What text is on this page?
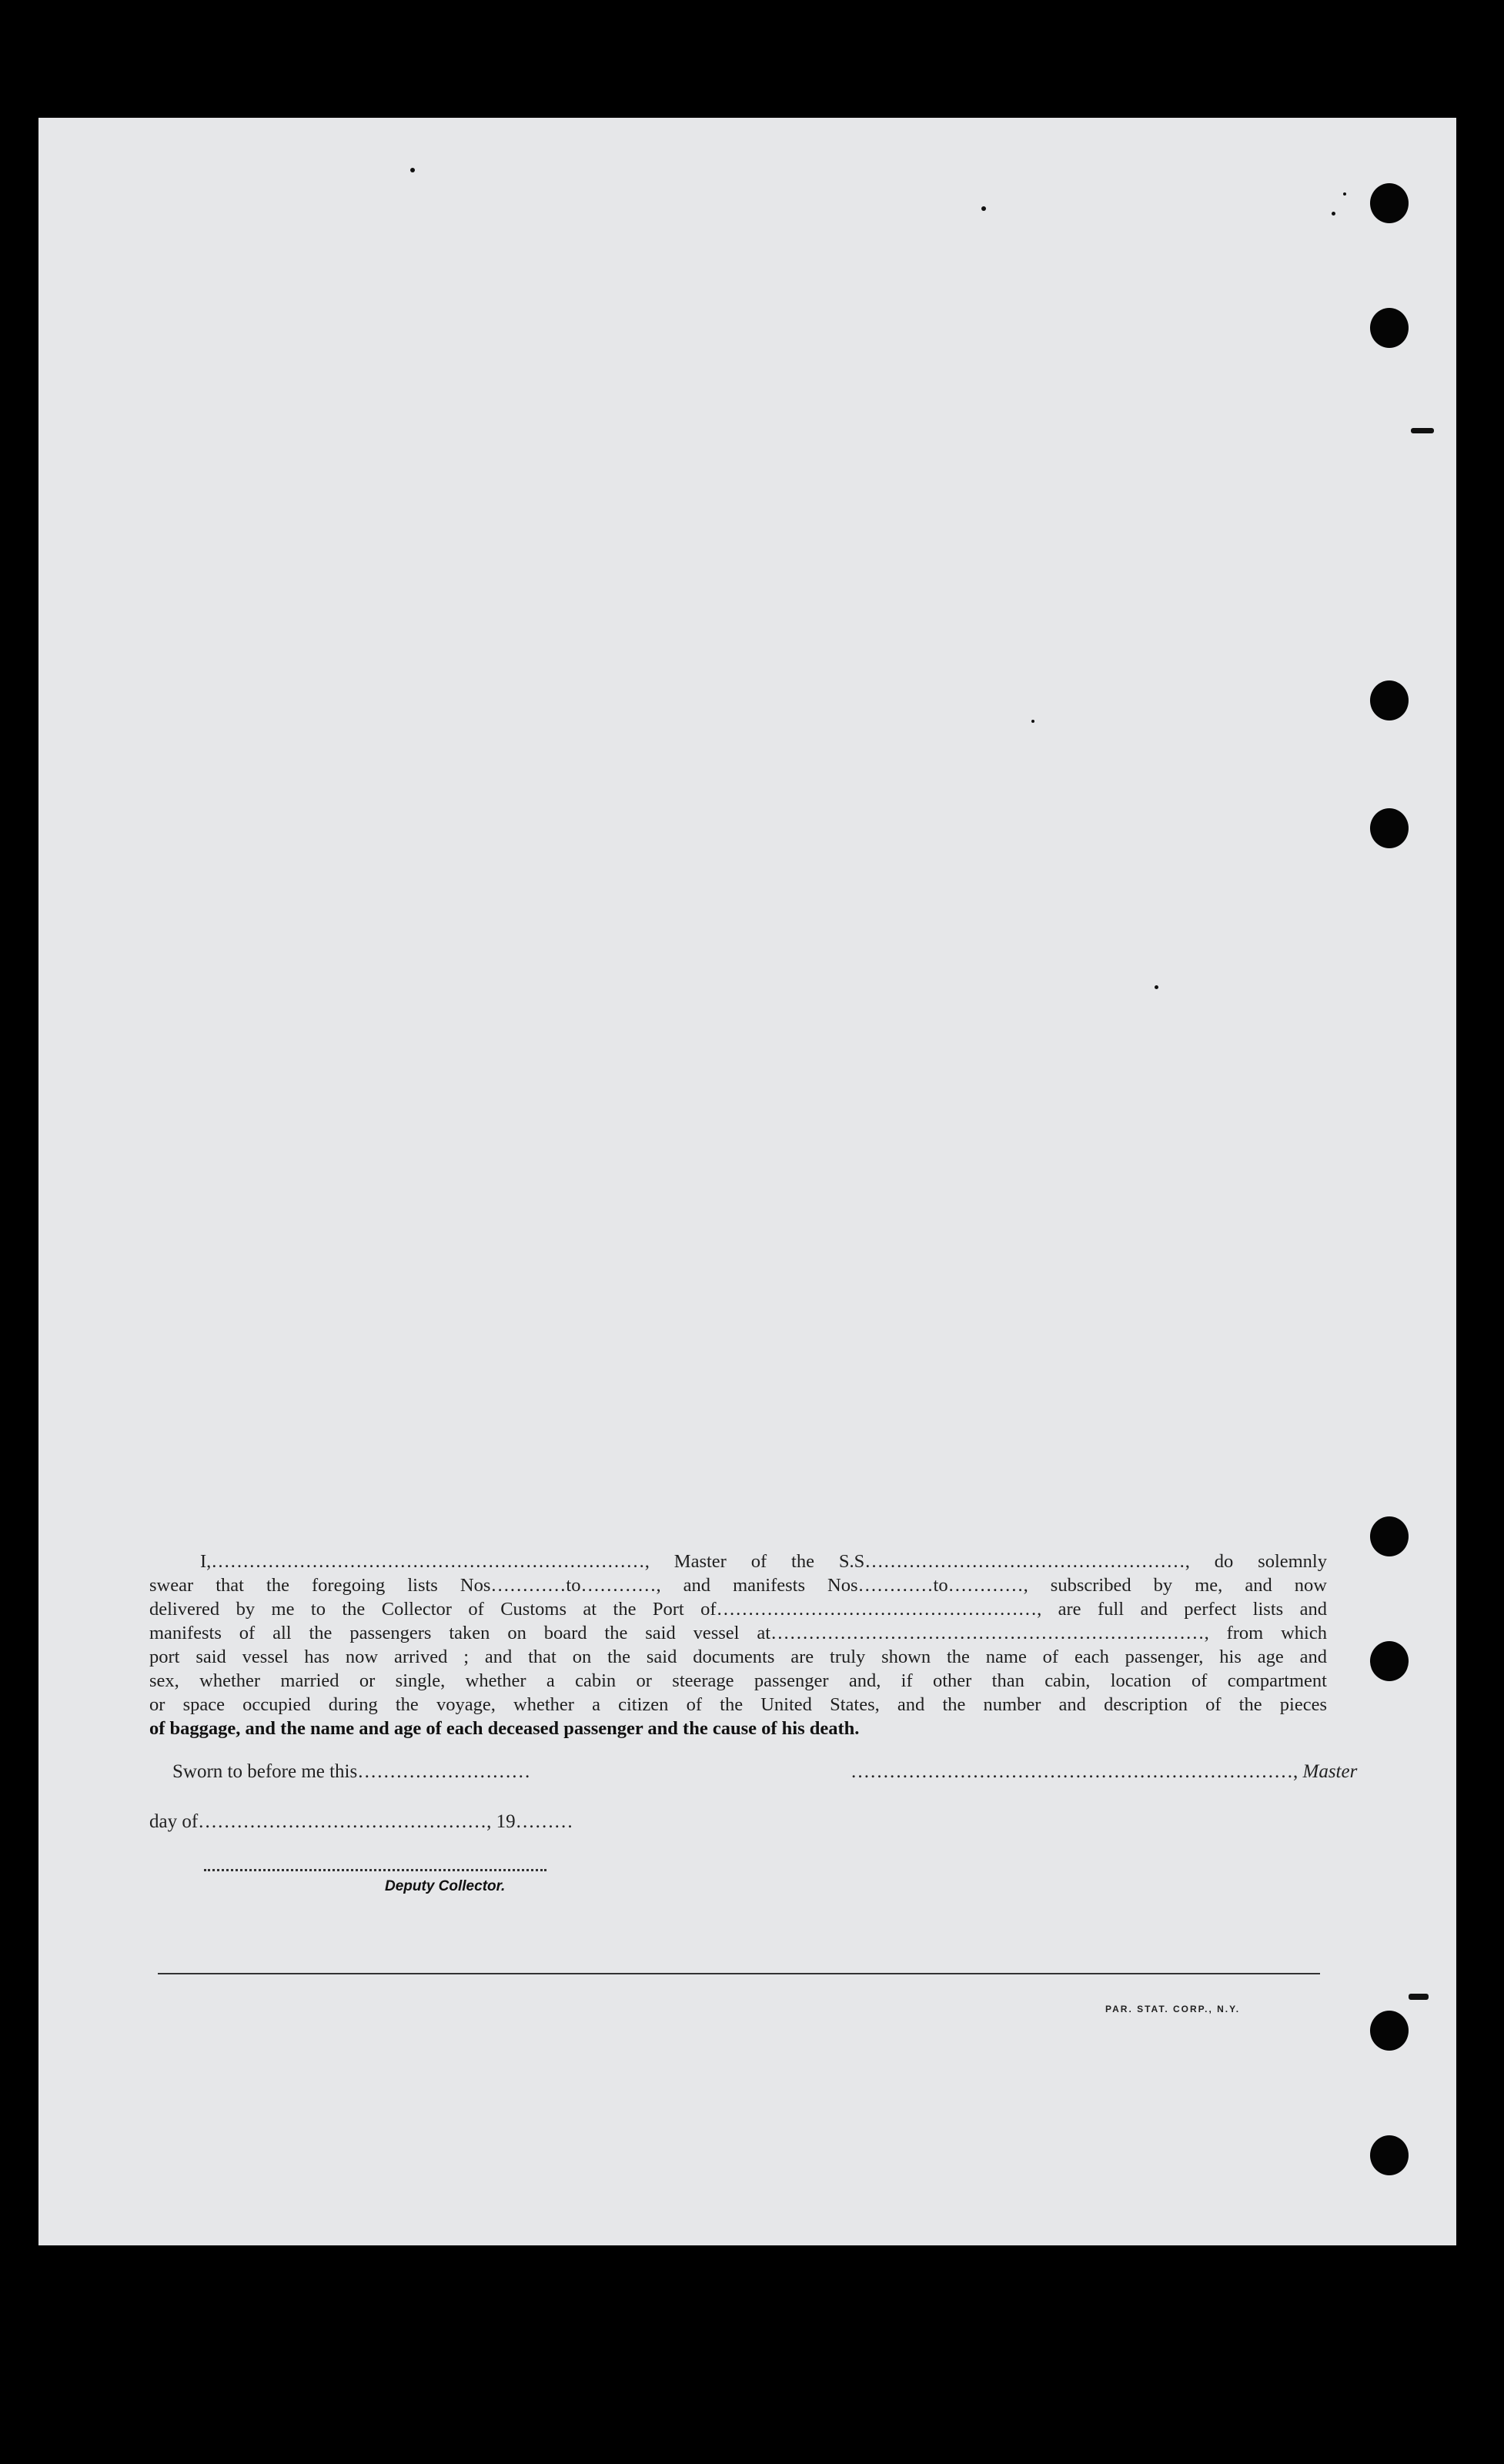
I,……………………………………………………………, Master of the S.S……………………………………………, do solemnly
swear that the foregoing lists Nos…………to…………, and manifests Nos…………to…………, subscribed by me, and now
delivered by me to the Collector of Customs at the Port of……………………………………………, are full and perfect lists and
manifests of all the passengers taken on board the said vessel at……………………………………………………………, from which
port said vessel has now arrived ; and that on the said documents are truly shown the name of each passenger, his age and
sex, whether married or single, whether a cabin or steerage passenger and, if other than cabin, location of compartment
or space occupied during the voyage, whether a citizen of the United States, and the number and description of the pieces
of baggage, and the name and age of each deceased passenger and the cause of his death.
Sworn to before me this………………………	……………………………………………………………, Master
day of………………………………………, 19………
Deputy Collector.
PAR. STAT. CORP., N.Y.
